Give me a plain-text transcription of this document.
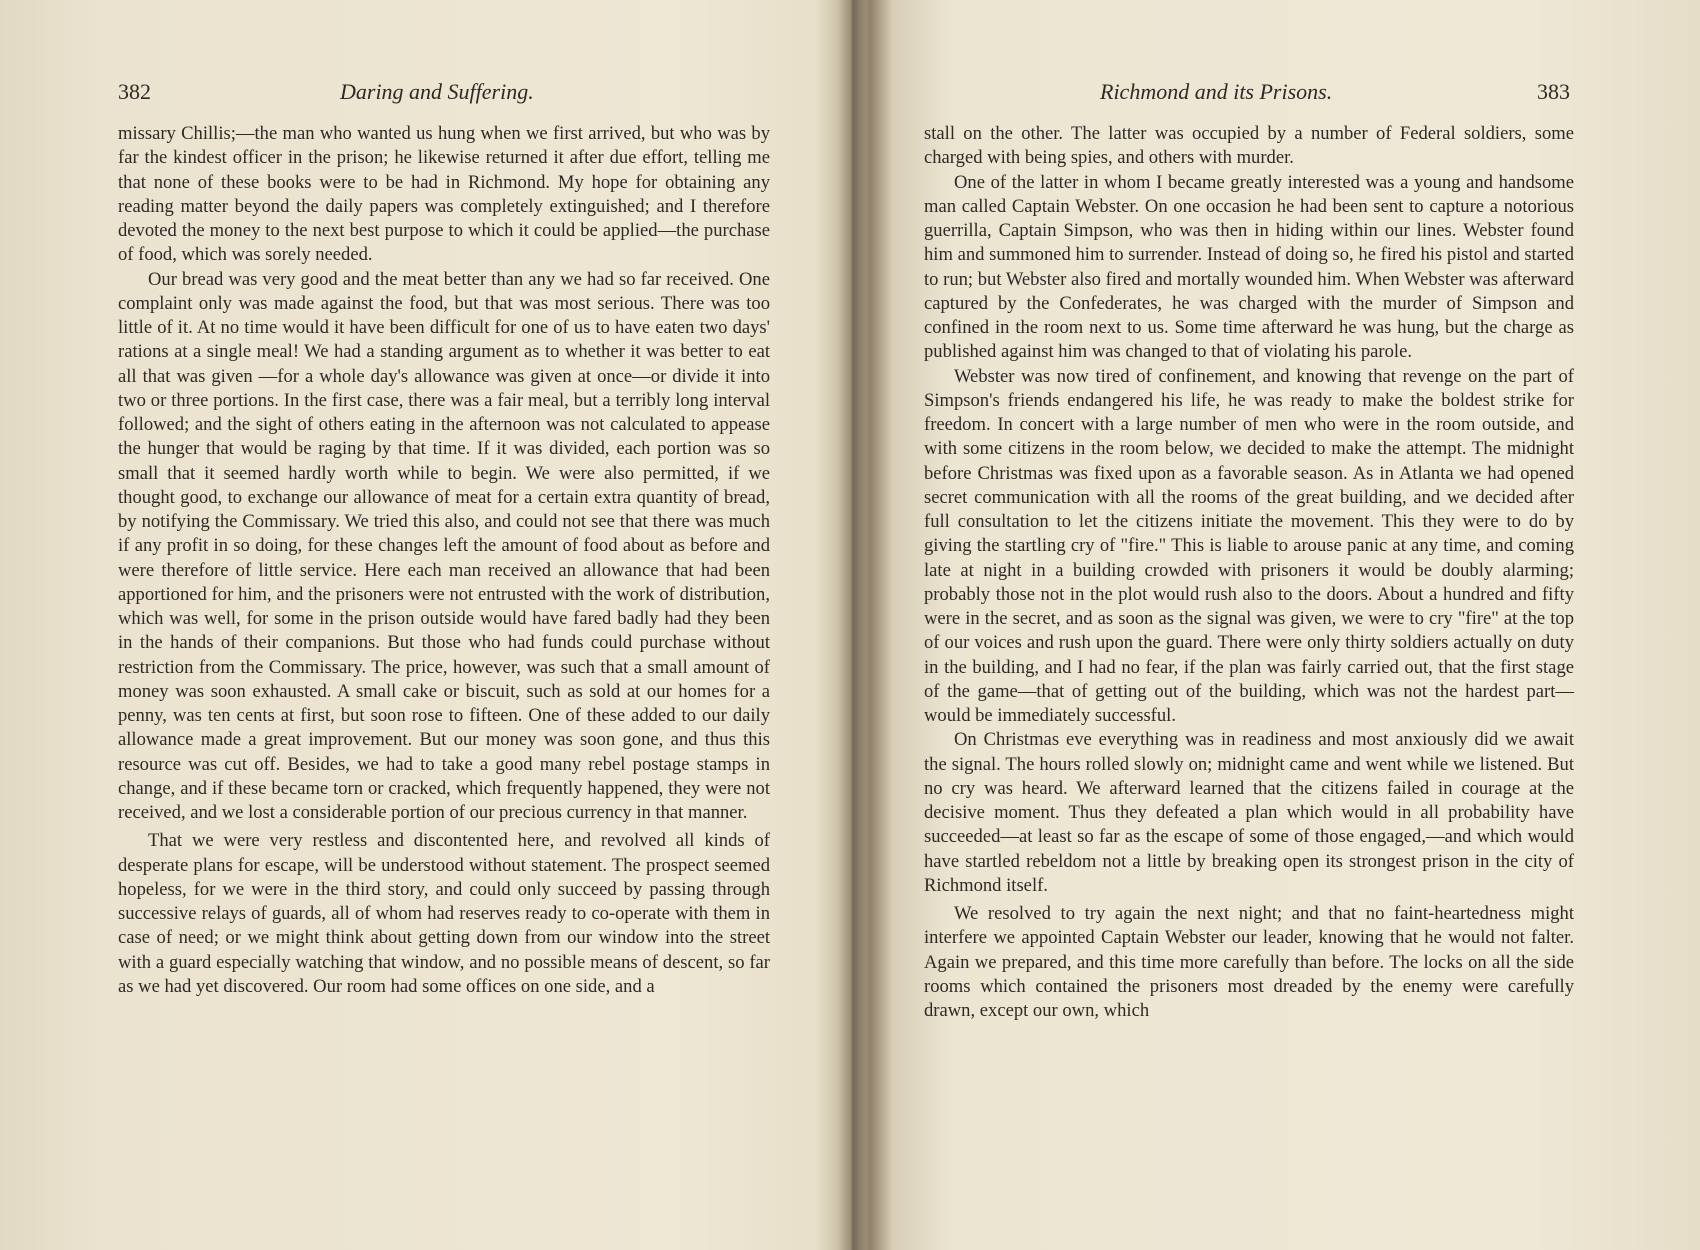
382	Daring and Suffering.

missary Chillis;—the man who wanted us hung when we first arrived, but who was by far the kindest officer in the prison; he likewise returned it after due effort, telling me that none of these books were to be had in Richmond. My hope for obtaining any reading matter beyond the daily papers was completely extinguished; and I therefore devoted the money to the next best purpose to which it could be applied—the purchase of food, which was sorely needed.

Our bread was very good and the meat better than any we had so far received. One complaint only was made against the food, but that was most serious. There was too little of it. At no time would it have been difficult for one of us to have eaten two days' rations at a single meal! We had a standing argument as to whether it was better to eat all that was given —for a whole day's allowance was given at once—or divide it into two or three portions. In the first case, there was a fair meal, but a terribly long interval followed; and the sight of others eating in the afternoon was not calculated to appease the hunger that would be raging by that time. If it was divided, each portion was so small that it seemed hardly worth while to begin. We were also permitted, if we thought good, to exchange our allowance of meat for a certain extra quantity of bread, by notifying the Commissary. We tried this also, and could not see that there was much if any profit in so doing, for these changes left the amount of food about as before and were therefore of little service. Here each man received an allowance that had been apportioned for him, and the prisoners were not entrusted with the work of distribution, which was well, for some in the prison outside would have fared badly had they been in the hands of their companions. But those who had funds could purchase without restriction from the Commissary. The price, however, was such that a small amount of money was soon exhausted. A small cake or biscuit, such as sold at our homes for a penny, was ten cents at first, but soon rose to fifteen. One of these added to our daily allowance made a great improvement. But our money was soon gone, and thus this resource was cut off. Besides, we had to take a good many rebel postage stamps in change, and if these became torn or cracked, which frequently happened, they were not received, and we lost a considerable portion of our precious currency in that manner.

That we were very restless and discontented here, and revolved all kinds of desperate plans for escape, will be understood without statement. The prospect seemed hopeless, for we were in the third story, and could only succeed by passing through successive relays of guards, all of whom had reserves ready to co-operate with them in case of need; or we might think about getting down from our window into the street with a guard especially watching that window, and no possible means of descent, so far as we had yet discovered. Our room had some offices on one side, and a

Richmond and its Prisons.	383

stall on the other. The latter was occupied by a number of Federal soldiers, some charged with being spies, and others with murder.

One of the latter in whom I became greatly interested was a young and handsome man called Captain Webster. On one occasion he had been sent to capture a notorious guerrilla, Captain Simpson, who was then in hiding within our lines. Webster found him and summoned him to surrender. Instead of doing so, he fired his pistol and started to run; but Webster also fired and mortally wounded him. When Webster was afterward captured by the Confederates, he was charged with the murder of Simpson and confined in the room next to us. Some time afterward he was hung, but the charge as published against him was changed to that of violating his parole.

Webster was now tired of confinement, and knowing that revenge on the part of Simpson's friends endangered his life, he was ready to make the boldest strike for freedom. In concert with a large number of men who were in the room outside, and with some citizens in the room below, we decided to make the attempt. The midnight before Christmas was fixed upon as a favorable season. As in Atlanta we had opened secret communication with all the rooms of the great building, and we decided after full consultation to let the citizens initiate the movement. This they were to do by giving the startling cry of "fire." This is liable to arouse panic at any time, and coming late at night in a building crowded with prisoners it would be doubly alarming; probably those not in the plot would rush also to the doors. About a hundred and fifty were in the secret, and as soon as the signal was given, we were to cry "fire" at the top of our voices and rush upon the guard. There were only thirty soldiers actually on duty in the building, and I had no fear, if the plan was fairly carried out, that the first stage of the game—that of getting out of the building, which was not the hardest part—would be immediately successful.

On Christmas eve everything was in readiness and most anxiously did we await the signal. The hours rolled slowly on; midnight came and went while we listened. But no cry was heard. We afterward learned that the citizens failed in courage at the decisive moment. Thus they defeated a plan which would in all probability have succeeded—at least so far as the escape of some of those engaged,—and which would have startled rebeldom not a little by breaking open its strongest prison in the city of Richmond itself.

We resolved to try again the next night; and that no faint-heartedness might interfere we appointed Captain Webster our leader, knowing that he would not falter. Again we prepared, and this time more carefully than before. The locks on all the side rooms which contained the prisoners most dreaded by the enemy were carefully drawn, except our own, which
